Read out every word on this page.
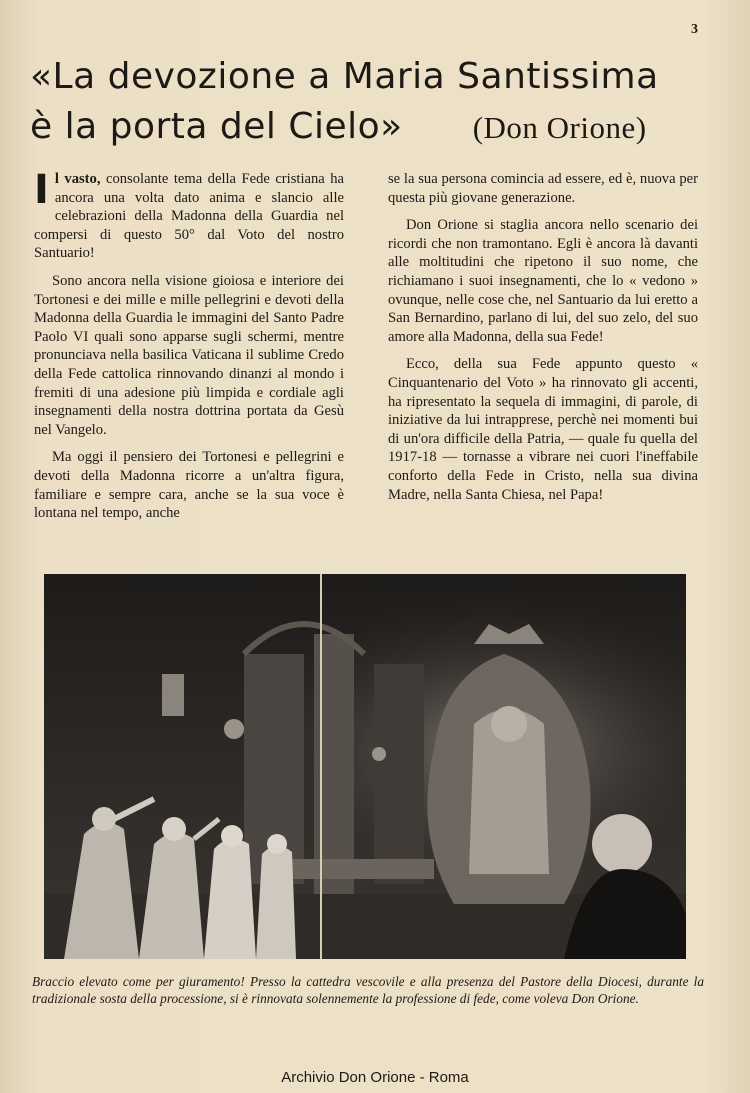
3
«La devozione a Maria Santissima
è la porta del Cielo» (Don Orione)

Il vasto, consolante tema della Fede cristiana ha ancora una volta dato anima e slancio alle celebrazioni della Madonna della Guardia nel compersi di questo 50° dal Voto del nostro Santuario!

Sono ancora nella visione gioiosa e interiore dei Tortonesi e dei mille e mille pellegrini e devoti della Madonna della Guardia le immagini del Santo Padre Paolo VI quali sono apparse sugli schermi, mentre pronunciava nella basilica Vaticana il sublime Credo della Fede cattolica rinnovando dinanzi al mondo i fremiti di una adesione più limpida e cordiale agli insegnamenti della nostra dottrina portata da Gesù nel Vangelo.

Ma oggi il pensiero dei Tortonesi e pellegrini e devoti della Madonna ricorre a un'altra figura, familiare e sempre cara, anche se la sua voce è lontana nel tempo, anche

se la sua persona comincia ad essere, ed è, nuova per questa più giovane generazione.

Don Orione si staglia ancora nello scenario dei ricordi che non tramontano. Egli è ancora là davanti alle moltitudini che ripetono il suo nome, che richiamano i suoi insegnamenti, che lo « vedono » ovunque, nelle cose che, nel Santuario da lui eretto a San Bernardino, parlano di lui, del suo zelo, del suo amore alla Madonna, della sua Fede!

Ecco, della sua Fede appunto questo « Cinquantenario del Voto » ha rinnovato gli accenti, ha ripresentato la sequela di immagini, di parole, di iniziative da lui intrapprese, perchè nei momenti bui di un'ora difficile della Patria, — quale fu quella del 1917-18 — tornasse a vibrare nei cuori l'ineffabile conforto della Fede in Cristo, nella sua divina Madre, nella Santa Chiesa, nel Papa!

Braccio elevato come per giuramento! Presso la cattedra vescovile e alla presenza del Pastore della Diocesi, durante la tradizionale sosta della processione, si è rinnovata solennemente la professione di fede, come voleva Don Orione.

Archivio Don Orione - Roma
